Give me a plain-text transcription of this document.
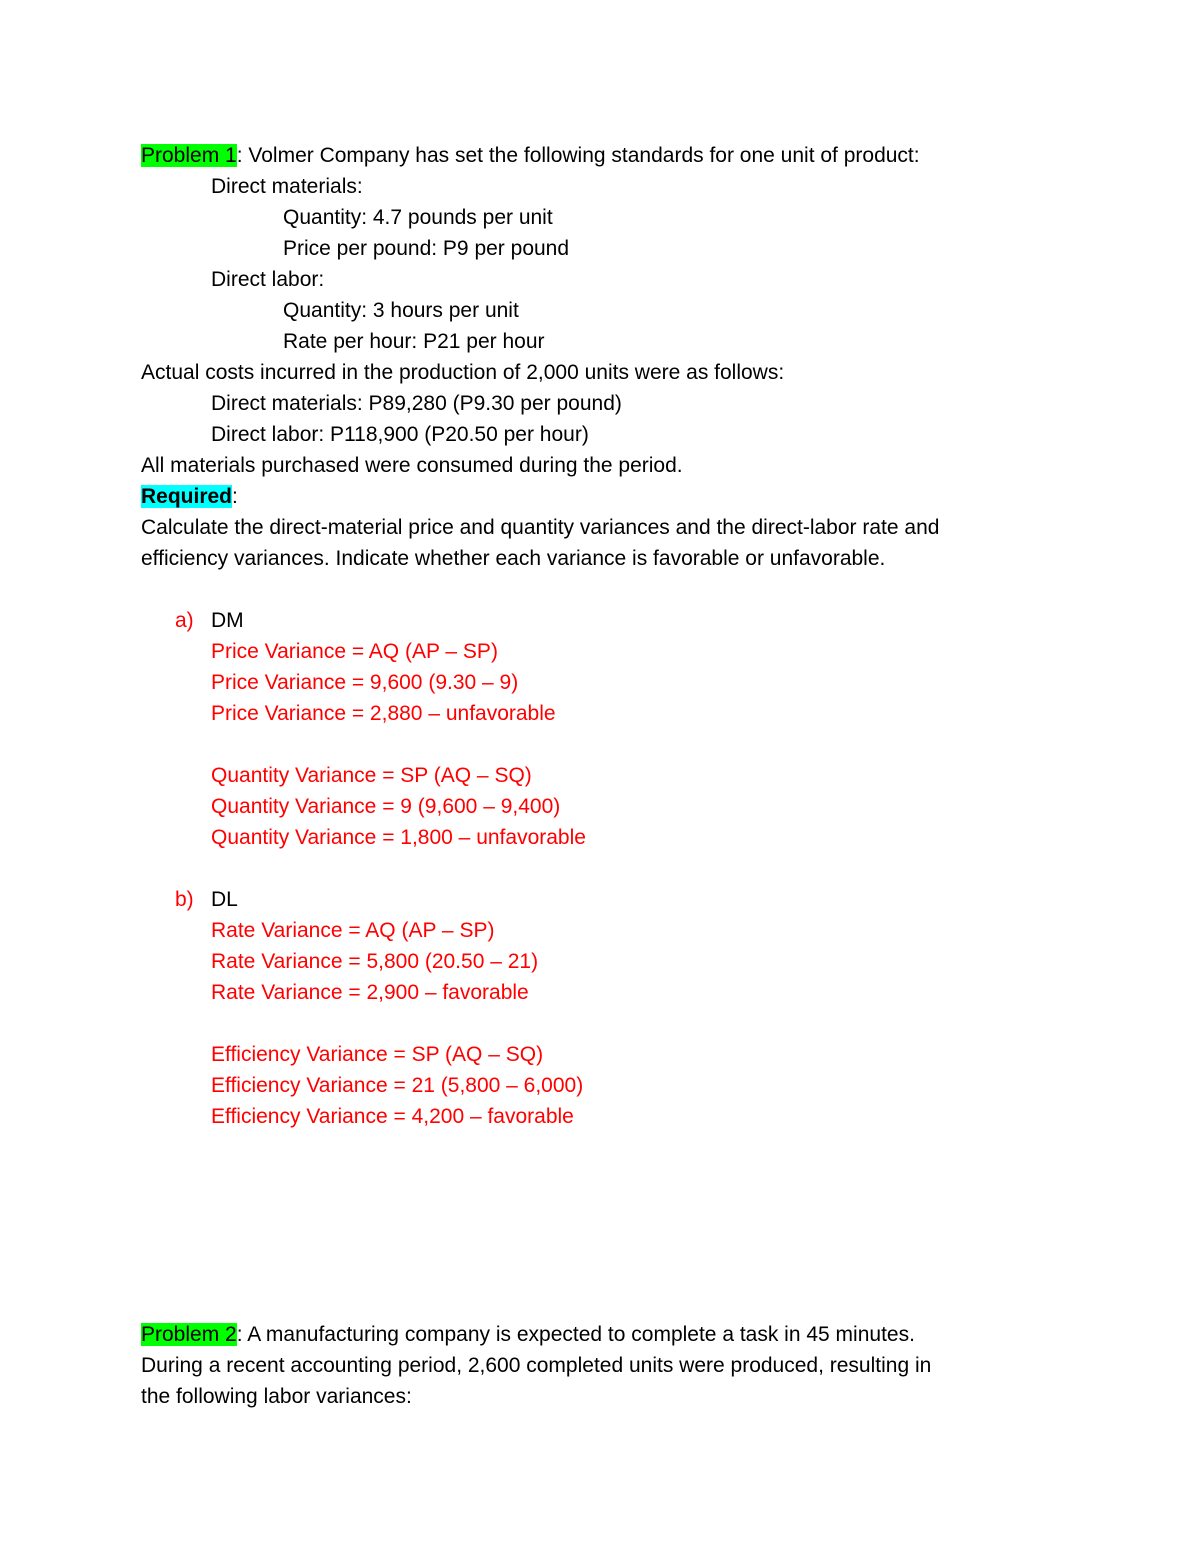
Problem 1: Volmer Company has set the following standards for one unit of product:
Direct materials:
Quantity: 4.7 pounds per unit
Price per pound: P9 per pound
Direct labor:
Quantity: 3 hours per unit
Rate per hour: P21 per hour
Actual costs incurred in the production of 2,000 units were as follows:
Direct materials: P89,280 (P9.30 per pound)
Direct labor: P118,900 (P20.50 per hour)
All materials purchased were consumed during the period.
Required:
Calculate the direct-material price and quantity variances and the direct-labor rate and
efficiency variances. Indicate whether each variance is favorable or unfavorable.
a) DM
Price Variance = AQ (AP – SP)
Price Variance = 9,600 (9.30 – 9)
Price Variance = 2,880 – unfavorable
Quantity Variance = SP (AQ – SQ)
Quantity Variance = 9 (9,600 – 9,400)
Quantity Variance = 1,800 – unfavorable
b) DL
Rate Variance = AQ (AP – SP)
Rate Variance = 5,800 (20.50 – 21)
Rate Variance = 2,900 – favorable
Efficiency Variance = SP (AQ – SQ)
Efficiency Variance = 21 (5,800 – 6,000)
Efficiency Variance = 4,200 – favorable
Problem 2: A manufacturing company is expected to complete a task in 45 minutes.
During a recent accounting period, 2,600 completed units were produced, resulting in
the following labor variances:
